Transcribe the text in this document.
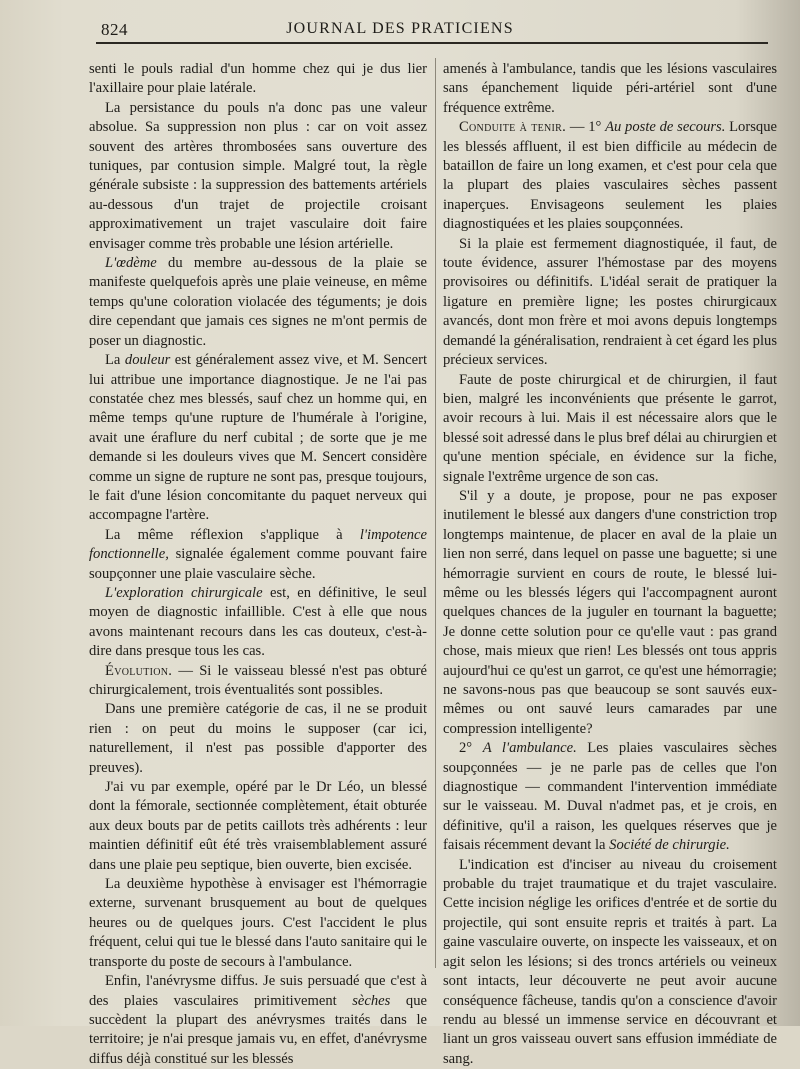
824	JOURNAL DES PRATICIENS

senti le pouls radial d'un homme chez qui je dus lier l'axillaire pour plaie latérale.

La persistance du pouls n'a donc pas une valeur absolue. Sa suppression non plus : car on voit assez souvent des artères thrombosées sans ouverture des tuniques, par contusion simple. Malgré tout, la règle générale subsiste : la suppression des battements artériels au-dessous d'un trajet de projectile croisant approximativement un trajet vasculaire doit faire envisager comme très probable une lésion artérielle.

L'œdème du membre au-dessous de la plaie se manifeste quelquefois après une plaie veineuse, en même temps qu'une coloration violacée des téguments; je dois dire cependant que jamais ces signes ne m'ont permis de poser un diagnostic.

La douleur est généralement assez vive, et M. Sencert lui attribue une importance diagnostique. Je ne l'ai pas constatée chez mes blessés, sauf chez un homme qui, en même temps qu'une rupture de l'humérale à l'origine, avait une éraflure du nerf cubital ; de sorte que je me demande si les douleurs vives que M. Sencert considère comme un signe de rupture ne sont pas, presque toujours, le fait d'une lésion concomitante du paquet nerveux qui accompagne l'artère.

La même réflexion s'applique à l'impotence fonctionnelle, signalée également comme pouvant faire soupçonner une plaie vasculaire sèche.

L'exploration chirurgicale est, en définitive, le seul moyen de diagnostic infaillible. C'est à elle que nous avons maintenant recours dans les cas douteux, c'est-à-dire dans presque tous les cas.

Évolution. — Si le vaisseau blessé n'est pas obturé chirurgicalement, trois éventualités sont possibles.

Dans une première catégorie de cas, il ne se produit rien : on peut du moins le supposer (car ici, naturellement, il n'est pas possible d'apporter des preuves).

J'ai vu par exemple, opéré par le Dr Léo, un blessé dont la fémorale, sectionnée complètement, était obturée aux deux bouts par de petits caillots très adhérents : leur maintien définitif eût été très vraisemblablement assuré dans une plaie peu septique, bien ouverte, bien excisée.

La deuxième hypothèse à envisager est l'hémorragie externe, survenant brusquement au bout de quelques heures ou de quelques jours. C'est l'accident le plus fréquent, celui qui tue le blessé dans l'auto sanitaire qui le transporte du poste de secours à l'ambulance.

Enfin, l'anévrysme diffus. Je suis persuadé que c'est à des plaies vasculaires primitivement sèches que succèdent la plupart des anévrysmes traités dans le territoire; je n'ai presque jamais vu, en effet, d'anévrysme diffus déjà constitué sur les blessés

amenés à l'ambulance, tandis que les lésions vasculaires sans épanchement liquide péri-artériel sont d'une fréquence extrême.

Conduite à tenir. — 1° Au poste de secours. Lorsque les blessés affluent, il est bien difficile au médecin de bataillon de faire un long examen, et c'est pour cela que la plupart des plaies vasculaires sèches passent inaperçues. Envisageons seulement les plaies diagnostiquées et les plaies soupçonnées.

Si la plaie est fermement diagnostiquée, il faut, de toute évidence, assurer l'hémostase par des moyens provisoires ou définitifs. L'idéal serait de pratiquer la ligature en première ligne; les postes chirurgicaux avancés, dont mon frère et moi avons depuis longtemps demandé la généralisation, rendraient à cet égard les plus précieux services.

Faute de poste chirurgical et de chirurgien, il faut bien, malgré les inconvénients que présente le garrot, avoir recours à lui. Mais il est nécessaire alors que le blessé soit adressé dans le plus bref délai au chirurgien et qu'une mention spéciale, en évidence sur la fiche, signale l'extrême urgence de son cas.

S'il y a doute, je propose, pour ne pas exposer inutilement le blessé aux dangers d'une constriction trop longtemps maintenue, de placer en aval de la plaie un lien non serré, dans lequel on passe une baguette; si une hémorragie survient en cours de route, le blessé lui-même ou les blessés légers qui l'accompagnent auront quelques chances de la juguler en tournant la baguette; Je donne cette solution pour ce qu'elle vaut : pas grand chose, mais mieux que rien! Les blessés ont tous appris aujourd'hui ce qu'est un garrot, ce qu'est une hémorragie; ne savons-nous pas que beaucoup se sont sauvés eux-mêmes ou ont sauvé leurs camarades par une compression intelligente?

2° A l'ambulance. Les plaies vasculaires sèches soupçonnées — je ne parle pas de celles que l'on diagnostique — commandent l'intervention immédiate sur le vaisseau. M. Duval n'admet pas, et je crois, en définitive, qu'il a raison, les quelques réserves que je faisais récemment devant la Société de chirurgie.

L'indication est d'inciser au niveau du croisement probable du trajet traumatique et du trajet vasculaire. Cette incision néglige les orifices d'entrée et de sortie du projectile, qui sont ensuite repris et traités à part. La gaine vasculaire ouverte, on inspecte les vaisseaux, et on agit selon les lésions; si des troncs artériels ou veineux sont intacts, leur découverte ne peut avoir aucune conséquence fâcheuse, tandis qu'on a conscience d'avoir rendu au blessé un immense service en découvrant et liant un gros vaisseau ouvert sans effusion immédiate de sang.
